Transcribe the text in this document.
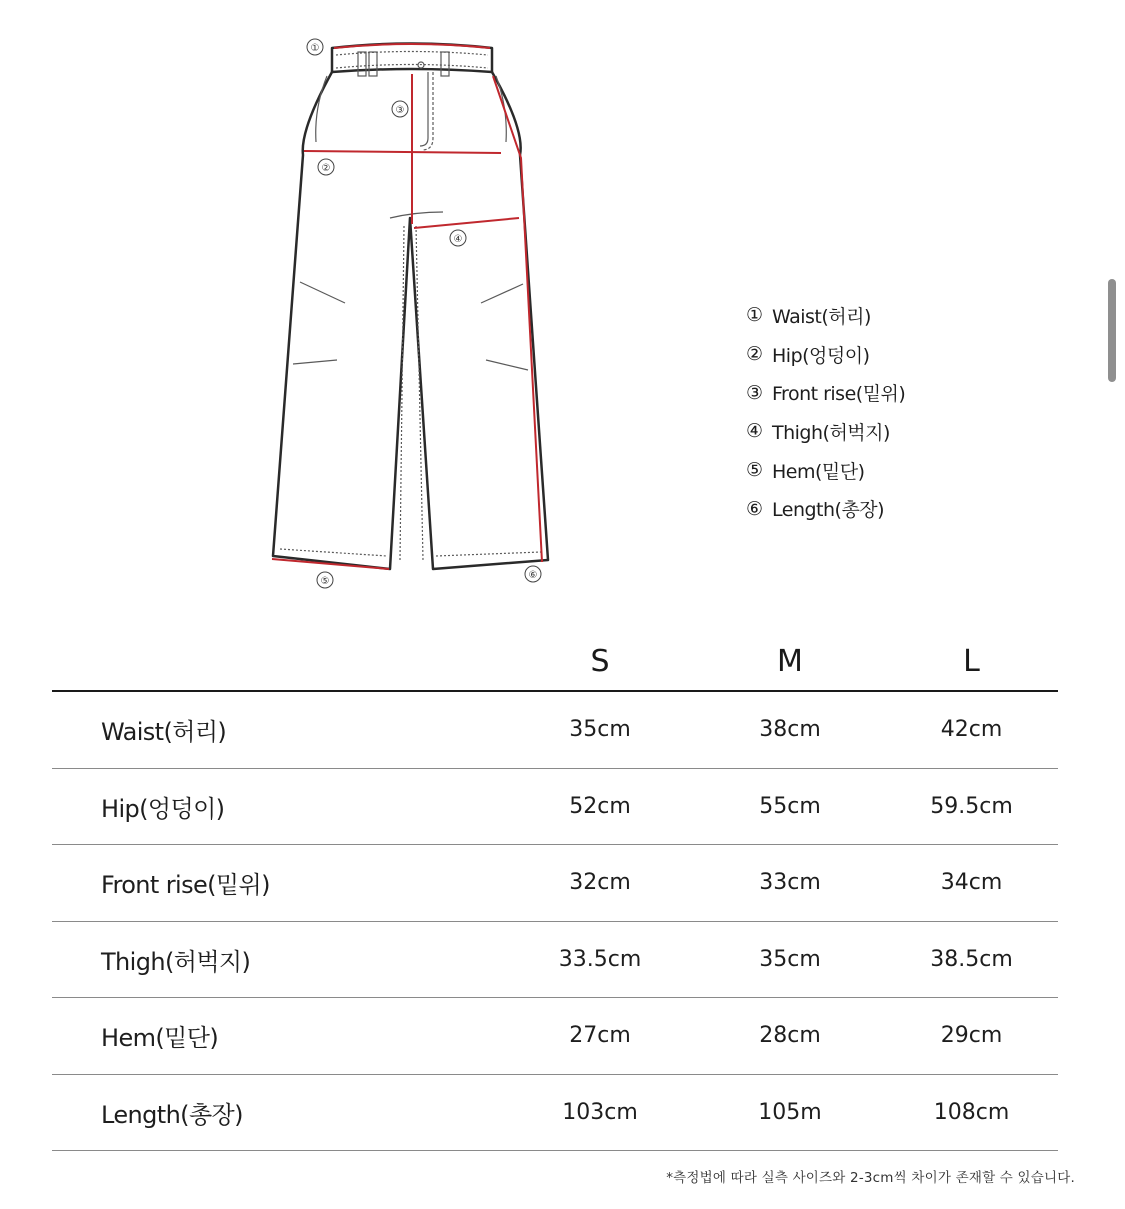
①
②
③
④
⑤
⑥
① Waist(허리)
② Hip(엉덩이)
③ Front rise(밑위)
④ Thigh(허벅지)
⑤ Hem(밑단)
⑥ Length(총장)
	S	M	L
Waist(허리)	35cm	38cm	42cm
Hip(엉덩이)	52cm	55cm	59.5cm
Front rise(밑위)	32cm	33cm	34cm
Thigh(허벅지)	33.5cm	35cm	38.5cm
Hem(밑단)	27cm	28cm	29cm
Length(총장)	103cm	105m	108cm
*측정법에 따라 실측 사이즈와 2-3cm씩 차이가 존재할 수 있습니다.
